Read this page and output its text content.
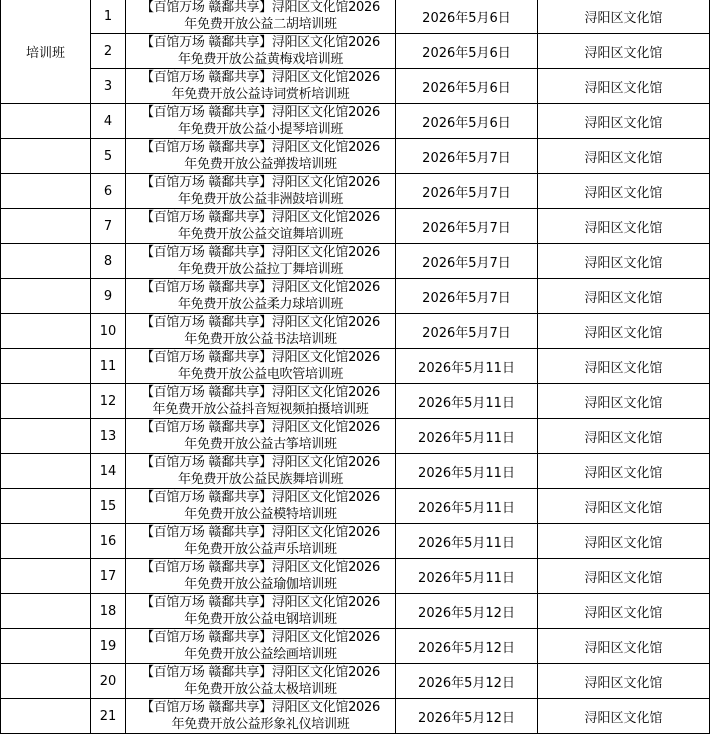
培训班	1	【百馆万场 赣鄱共享】浔阳区文化馆2026
年免费开放公益二胡培训班	2026年5月6日	浔阳区文化馆
	2	【百馆万场 赣鄱共享】浔阳区文化馆2026
年免费开放公益黄梅戏培训班	2026年5月6日	浔阳区文化馆
	3	【百馆万场 赣鄱共享】浔阳区文化馆2026
年免费开放公益诗词赏析培训班	2026年5月6日	浔阳区文化馆
	4	【百馆万场 赣鄱共享】浔阳区文化馆2026
年免费开放公益小提琴培训班	2026年5月6日	浔阳区文化馆
	5	【百馆万场 赣鄱共享】浔阳区文化馆2026
年免费开放公益弹拨培训班	2026年5月7日	浔阳区文化馆
	6	【百馆万场 赣鄱共享】浔阳区文化馆2026
年免费开放公益非洲鼓培训班	2026年5月7日	浔阳区文化馆
	7	【百馆万场 赣鄱共享】浔阳区文化馆2026
年免费开放公益交谊舞培训班	2026年5月7日	浔阳区文化馆
	8	【百馆万场 赣鄱共享】浔阳区文化馆2026
年免费开放公益拉丁舞培训班	2026年5月7日	浔阳区文化馆
	9	【百馆万场 赣鄱共享】浔阳区文化馆2026
年免费开放公益柔力球培训班	2026年5月7日	浔阳区文化馆
	10	【百馆万场 赣鄱共享】浔阳区文化馆2026
年免费开放公益书法培训班	2026年5月7日	浔阳区文化馆
	11	【百馆万场 赣鄱共享】浔阳区文化馆2026
年免费开放公益电吹管培训班	2026年5月11日	浔阳区文化馆
	12	【百馆万场 赣鄱共享】浔阳区文化馆2026
年免费开放公益抖音短视频拍摄培训班	2026年5月11日	浔阳区文化馆
	13	【百馆万场 赣鄱共享】浔阳区文化馆2026
年免费开放公益古筝培训班	2026年5月11日	浔阳区文化馆
	14	【百馆万场 赣鄱共享】浔阳区文化馆2026
年免费开放公益民族舞培训班	2026年5月11日	浔阳区文化馆
	15	【百馆万场 赣鄱共享】浔阳区文化馆2026
年免费开放公益模特培训班	2026年5月11日	浔阳区文化馆
	16	【百馆万场 赣鄱共享】浔阳区文化馆2026
年免费开放公益声乐培训班	2026年5月11日	浔阳区文化馆
	17	【百馆万场 赣鄱共享】浔阳区文化馆2026
年免费开放公益瑜伽培训班	2026年5月11日	浔阳区文化馆
	18	【百馆万场 赣鄱共享】浔阳区文化馆2026
年免费开放公益电钢培训班	2026年5月12日	浔阳区文化馆
	19	【百馆万场 赣鄱共享】浔阳区文化馆2026
年免费开放公益绘画培训班	2026年5月12日	浔阳区文化馆
	20	【百馆万场 赣鄱共享】浔阳区文化馆2026
年免费开放公益太极培训班	2026年5月12日	浔阳区文化馆
	21	【百馆万场 赣鄱共享】浔阳区文化馆2026
年免费开放公益形象礼仪培训班	2026年5月12日	浔阳区文化馆
